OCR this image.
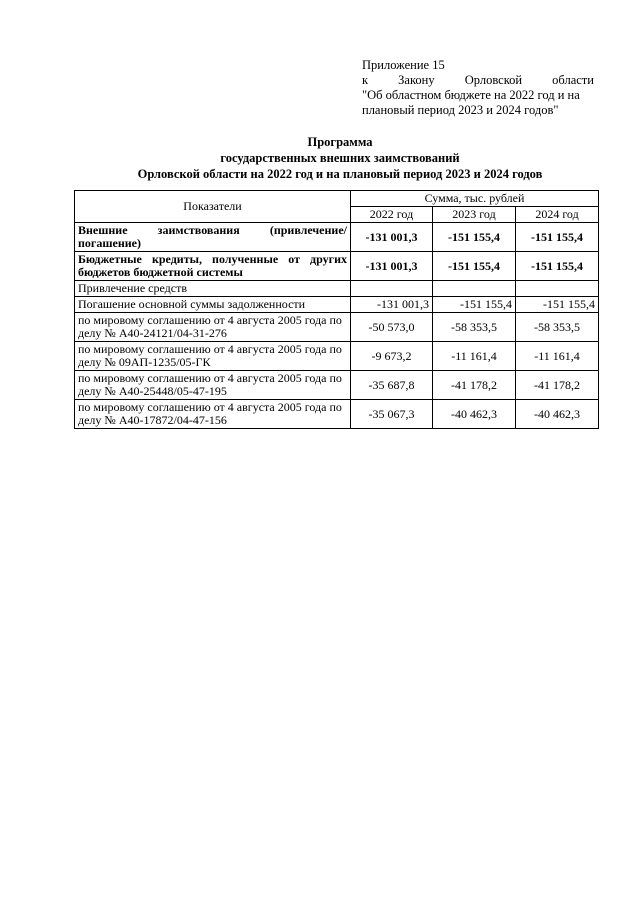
Приложение 15
к Закону Орловской области
"Об областном бюджете на 2022 год и на
плановый период 2023 и 2024 годов"
Программа
государственных внешних заимствований
Орловской области на 2022 год и на плановый период 2023 и 2024 годов
Показатели	Сумма, тыс. рублей		
	2022 год	2023 год	2024 год
Внешние заимствования (привлечение/погашение)	-131 001,3	-151 155,4	-151 155,4
Бюджетные кредиты, полученные от других бюджетов бюджетной системы	-131 001,3	-151 155,4	-151 155,4
Привлечение средств			
Погашение основной суммы задолженности	-131 001,3	-151 155,4	-151 155,4
по мировому соглашению от 4 августа 2005 года по делу № А40-24121/04-31-276	-50 573,0	-58 353,5	-58 353,5
по мировому соглашению от 4 августа 2005 года по делу № 09АП-1235/05-ГК	-9 673,2	-11 161,4	-11 161,4
по мировому соглашению от 4 августа 2005 года по делу № А40-25448/05-47-195	-35 687,8	-41 178,2	-41 178,2
по мировому соглашению от 4 августа 2005 года по делу № А40-17872/04-47-156	-35 067,3	-40 462,3	-40 462,3
